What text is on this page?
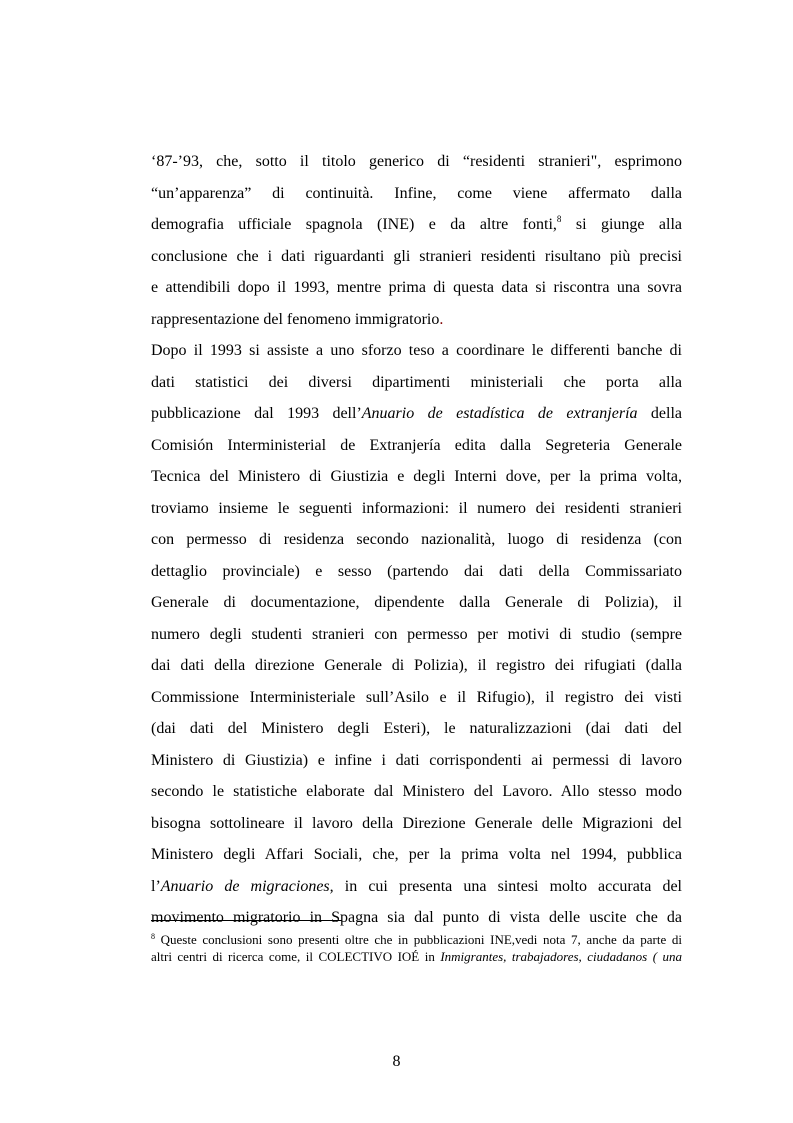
‘87-’93, che, sotto il titolo generico di “residenti stranieri", esprimono
“un’apparenza” di continuità. Infine, come viene affermato dalla
demografia ufficiale spagnola (INE) e da altre fonti,$^8$ si giunge alla
conclusione che i dati riguardanti gli stranieri residenti risultano più precisi
e attendibili dopo il 1993, mentre prima di questa data si riscontra una sovra
rappresentazione del fenomeno immigratorio.
Dopo il 1993 si assiste a uno sforzo teso a coordinare le differenti banche di
dati statistici dei diversi dipartimenti ministeriali che porta alla
pubblicazione dal 1993 dell’Anuario de estadística de extranjería della
Comisión Interministerial de Extranjería edita dalla Segreteria Generale
Tecnica del Ministero di Giustizia e degli Interni dove, per la prima volta,
troviamo insieme le seguenti informazioni: il numero dei residenti stranieri
con permesso di residenza secondo nazionalità, luogo di residenza (con
dettaglio provinciale) e sesso (partendo dai dati della Commissariato
Generale di documentazione, dipendente dalla Generale di Polizia), il
numero degli studenti stranieri con permesso per motivi di studio (sempre
dai dati della direzione Generale di Polizia), il registro dei rifugiati (dalla
Commissione Interministeriale sull’Asilo e il Rifugio), il registro dei visti
(dai dati del Ministero degli Esteri), le naturalizzazioni (dai dati del
Ministero di Giustizia) e infine i dati corrispondenti ai permessi di lavoro
secondo le statistiche elaborate dal Ministero del Lavoro. Allo stesso modo
bisogna sottolineare il lavoro della Direzione Generale delle Migrazioni del
Ministero degli Affari Sociali, che, per la prima volta nel 1994, pubblica
l’Anuario de migraciones, in cui presenta una sintesi molto accurata del
movimento migratorio in Spagna sia dal punto di vista delle uscite che da
$^8$ Queste conclusioni sono presenti oltre che in pubblicazioni INE,vedi nota 7, anche da parte di
altri centri di ricerca come, il COLECTIVO IOÉ in Inmigrantes, trabajadores, ciudadanos ( una
8
